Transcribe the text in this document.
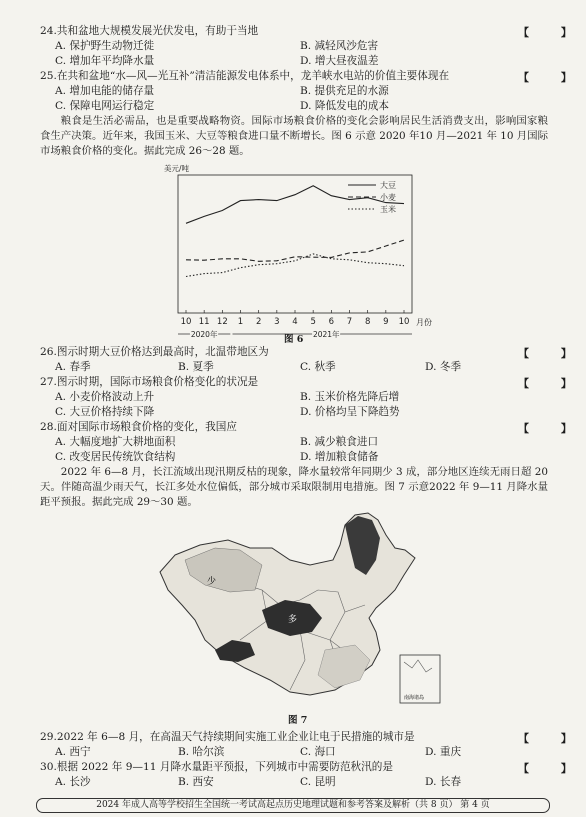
24.共和盆地大规模发展光伏发电，有助于当地	【 】
A. 保护野生动物迁徙	B. 减轻风沙危害
C. 增加年平均降水量	D. 增大昼夜温差
25.在共和盆地“水—风—光互补”清洁能源发电体系中，龙羊峡水电站的价值主要体现在	【 】
A. 增加电能的储存量	B. 提供充足的水源
C. 保障电网运行稳定	D. 降低发电的成本
粮食是生活必需品，也是重要战略物资。国际市场粮食价格的变化会影响居民生活消费支出，影响国家粮食生产决策。近年来，我国玉米、大豆等粮食进口量不断增长。图 6 示意 2020 年10 月—2021 年 10 月国际市场粮食价格的变化。据此完成 26～28 题。
美元/吨
月份
10 11 12 1 2 3 4 5 6 7 8 9 10
2020年	2021年
大豆
小麦
玉米
图 6
26.图示时期大豆价格达到最高时，北温带地区为	【 】
A. 春季	B. 夏季	C. 秋季	D. 冬季
27.图示时期，国际市场粮食价格变化的状况是	【 】
A. 小麦价格波动上升	B. 玉米价格先降后增
C. 大豆价格持续下降	D. 价格均呈下降趋势
28.面对国际市场粮食价格的变化，我国应	【 】
A. 大幅度地扩大耕地面积	B. 减少粮食进口
C. 改变居民传统饮食结构	D. 增加粮食储备
2022 年 6—8 月，长江流域出现汛期反枯的现象，降水量较常年同期少 3 成，部分地区连续无雨日超 20 天。伴随高温少雨天气，长江多处水位偏低，部分城市采取限制用电措施。图 7 示意2022 年 9—11 月降水量距平预报。据此完成 29～30 题。
少
多
南海诸岛
图 7
29.2022 年 6—8 月，在高温天气持续期间实施工业企业让电于民措施的城市是	【 】
A. 西宁	B. 哈尔滨	C. 海口	D. 重庆
30.根据 2022 年 9—11 月降水量距平预报，下列城市中需要防范秋汛的是	【 】
A. 长沙	B. 西安	C. 昆明	D. 长春
2024 年成人高等学校招生全国统一考试高起点历史地理试题和参考答案及解析（共 8 页） 第 4 页
